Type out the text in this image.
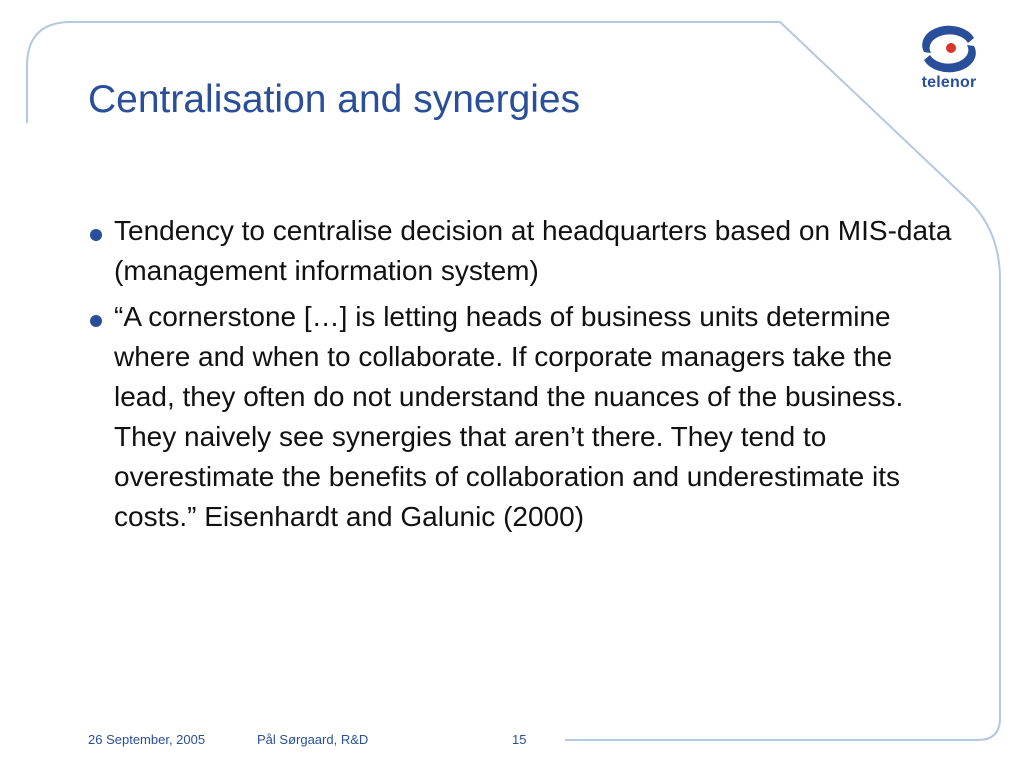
telenor
Centralisation and synergies
Tendency to centralise decision at headquarters based on MIS-data (management information system)
“A cornerstone […] is letting heads of business units determine where and when to collaborate. If corporate managers take the lead, they often do not understand the nuances of the business. They naively see synergies that aren’t there. They tend to overestimate the benefits of collaboration and underestimate its costs.” Eisenhardt and Galunic (2000)
26 September, 2005	Pål Sørgaard, R&D	15
